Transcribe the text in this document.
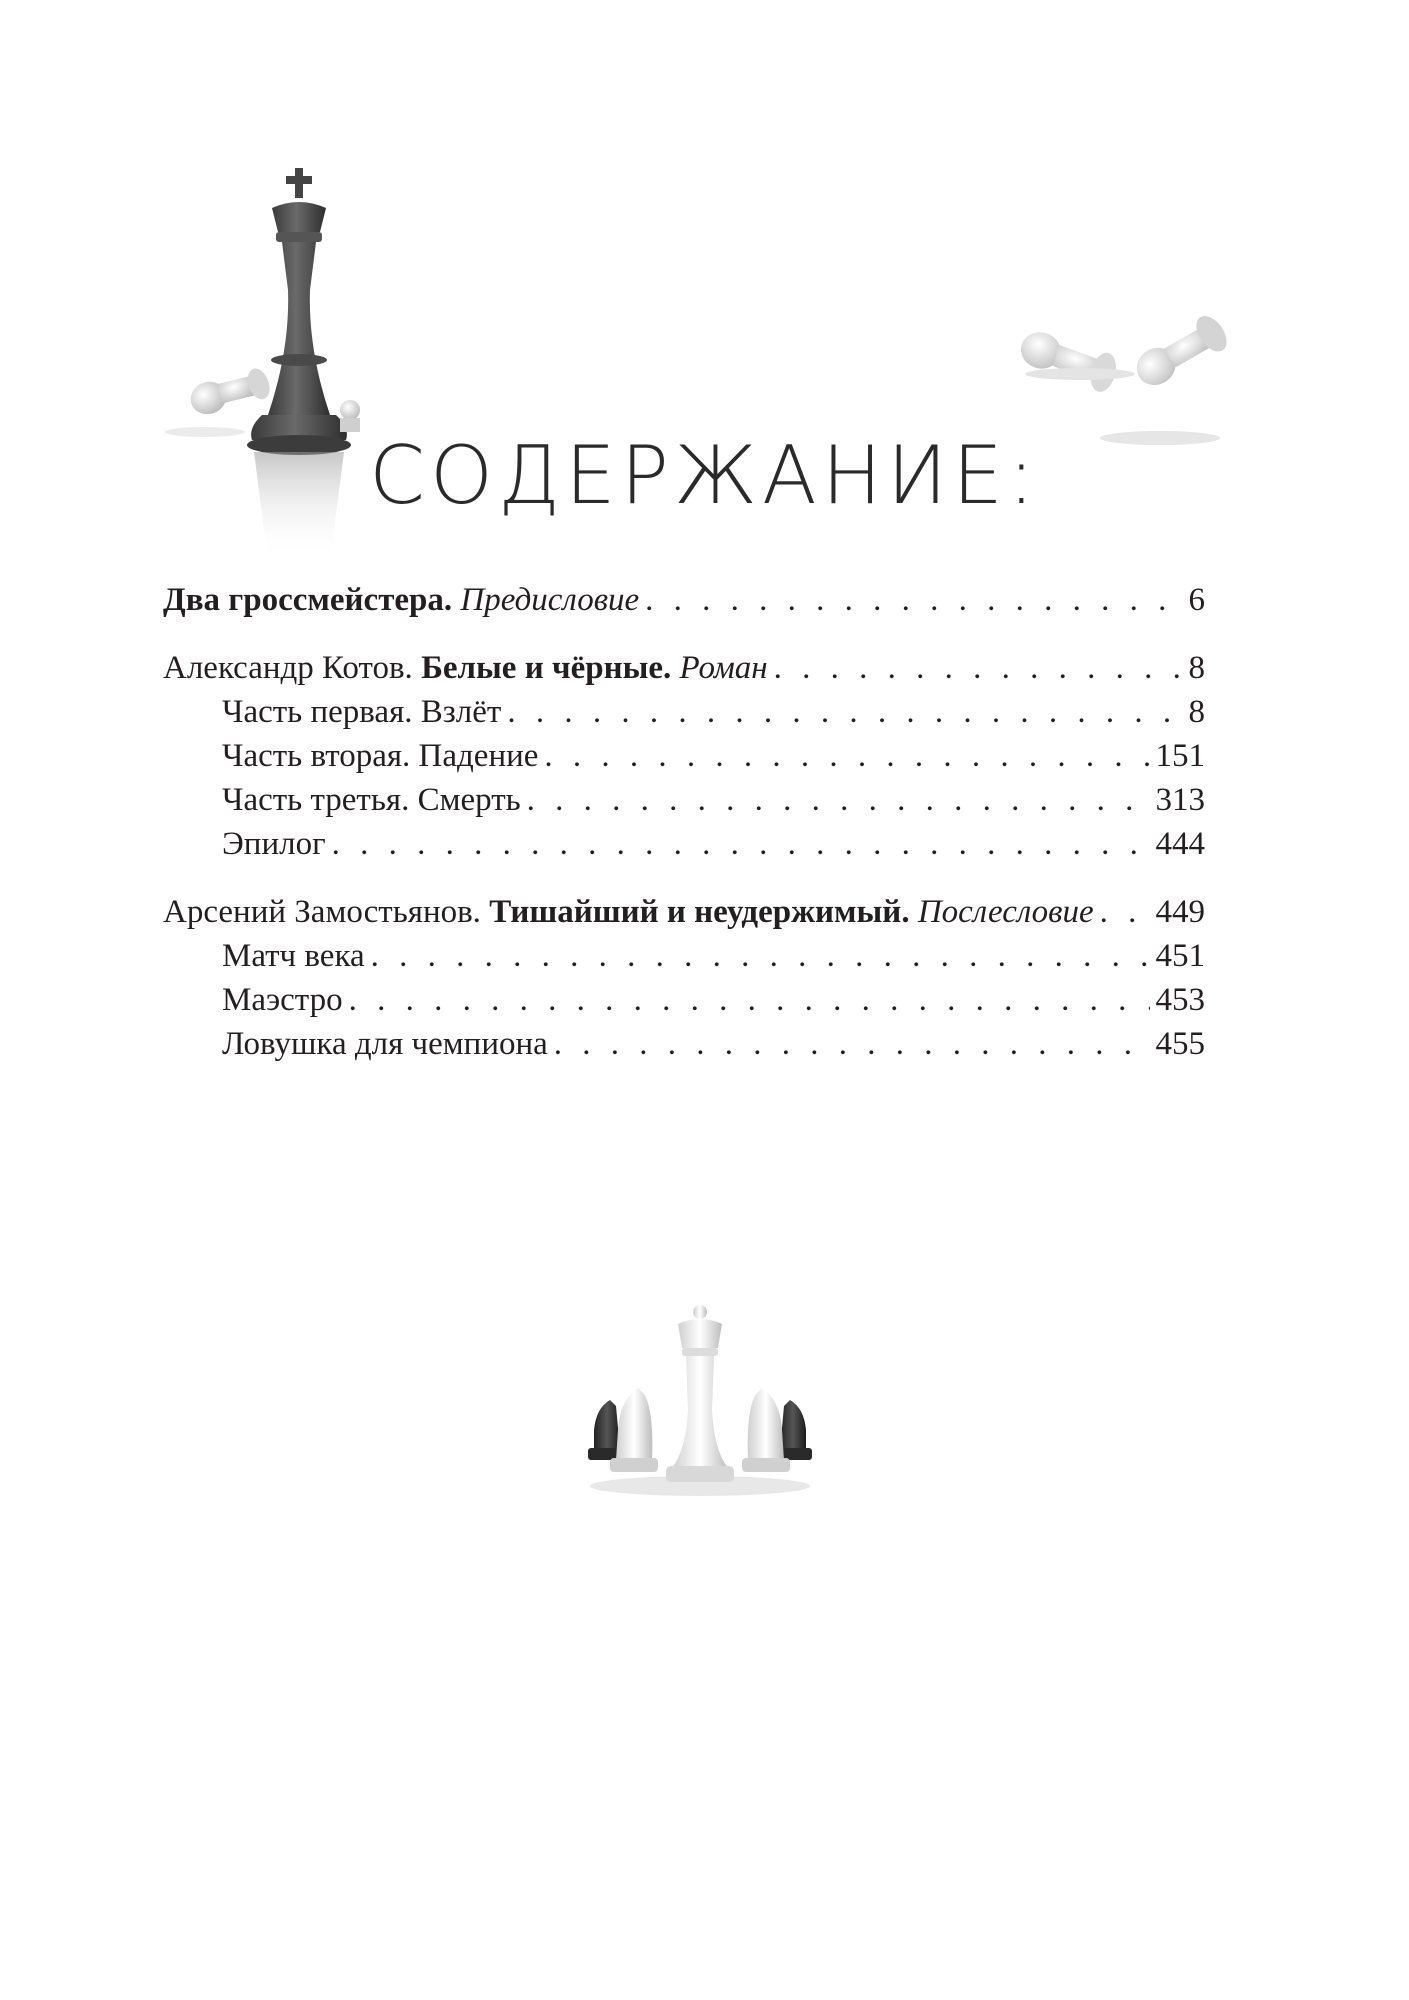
СОДЕРЖАНИЕ:
Два гроссмейстера. Предисловие . . .	6
Александр Котов. Белые и чёрные. Роман . . .	8
Часть первая. Взлёт . . .	8
Часть вторая. Падение . . .	151
Часть третья. Смерть . . .	313
Эпилог . . .	444
Арсений Замостьянов. Тишайший и неудержимый. Послесловие . . . 449
Матч века . . .	451
Маэстро . . .	453
Ловушка для чемпиона . . .	455
